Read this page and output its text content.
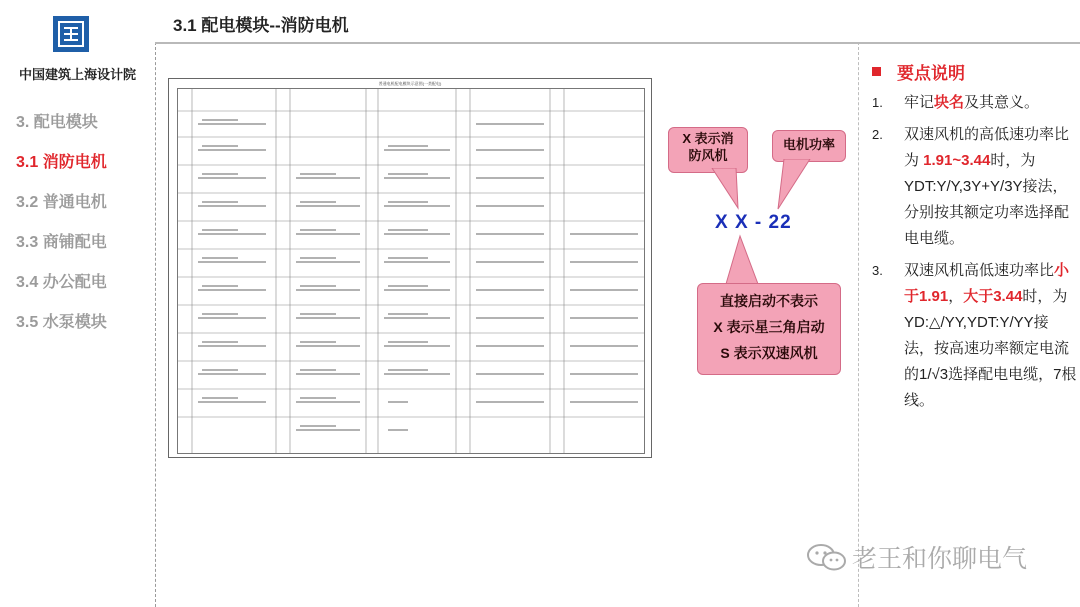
中国建筑上海设计院
3. 配电模块
3.1 消防电机
3.2 普通电机
3.3 商铺配电
3.4 办公配电
3.5 水泵模块
3.1 配电模块--消防电机
普通电机配电模块示意图(一类配电)
X 表示消
防风机
电机功率
X X - 22
直接启动不表示
X 表示星三角启动
S 表示双速风机
要点说明
1.	牢记块名及其意义。
2.	双速风机的高低速功率比为 1.91~3.44时，为YDT:Y/Y,3Y+Y/3Y接法，分别按其额定功率选择配电电缆。
3.	双速风机高低速功率比小于1.91，大于3.44时，为YD:△/YY,YDT:Y/YY接法，按高速功率额定电流的1/√3选择配电电缆，7根线。
老王和你聊电气
